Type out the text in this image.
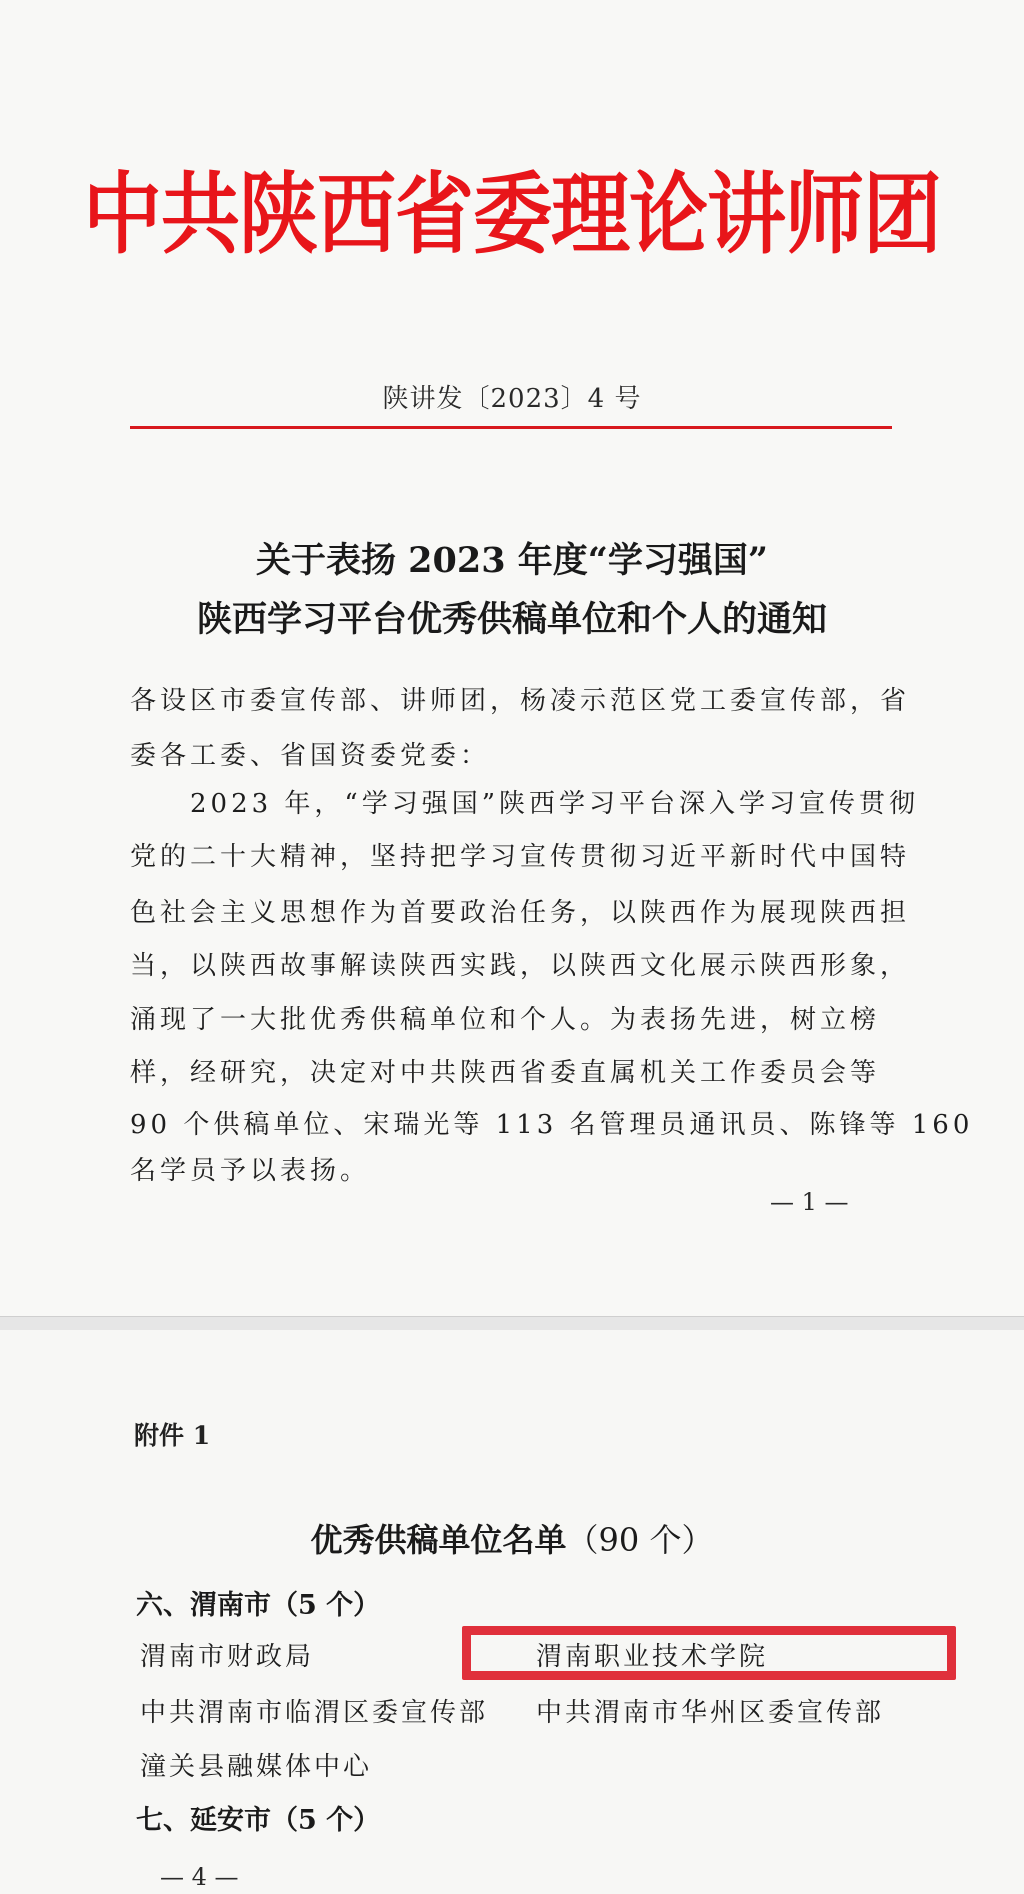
中共陕西省委理论讲师团
陕讲发〔2023〕4 号
关于表扬 2023 年度“学习强国”
陕西学习平台优秀供稿单位和个人的通知
各设区市委宣传部、讲师团，杨凌示范区党工委宣传部，省
委各工委、省国资委党委：
　　2023 年，“学习强国”陕西学习平台深入学习宣传贯彻
党的二十大精神，坚持把学习宣传贯彻习近平新时代中国特
色社会主义思想作为首要政治任务，以陕西作为展现陕西担
当，以陕西故事解读陕西实践，以陕西文化展示陕西形象，
涌现了一大批优秀供稿单位和个人。为表扬先进，树立榜
样，经研究，决定对中共陕西省委直属机关工作委员会等
90 个供稿单位、宋瑞光等 113 名管理员通讯员、陈锋等 160
名学员予以表扬。
— 1 —
附件 1
优秀供稿单位名单（90 个）
六、渭南市（5 个）
渭南市财政局	渭南职业技术学院
中共渭南市临渭区委宣传部 中共渭南市华州区委宣传部
潼关县融媒体中心
七、延安市（5 个）
— 4 —
